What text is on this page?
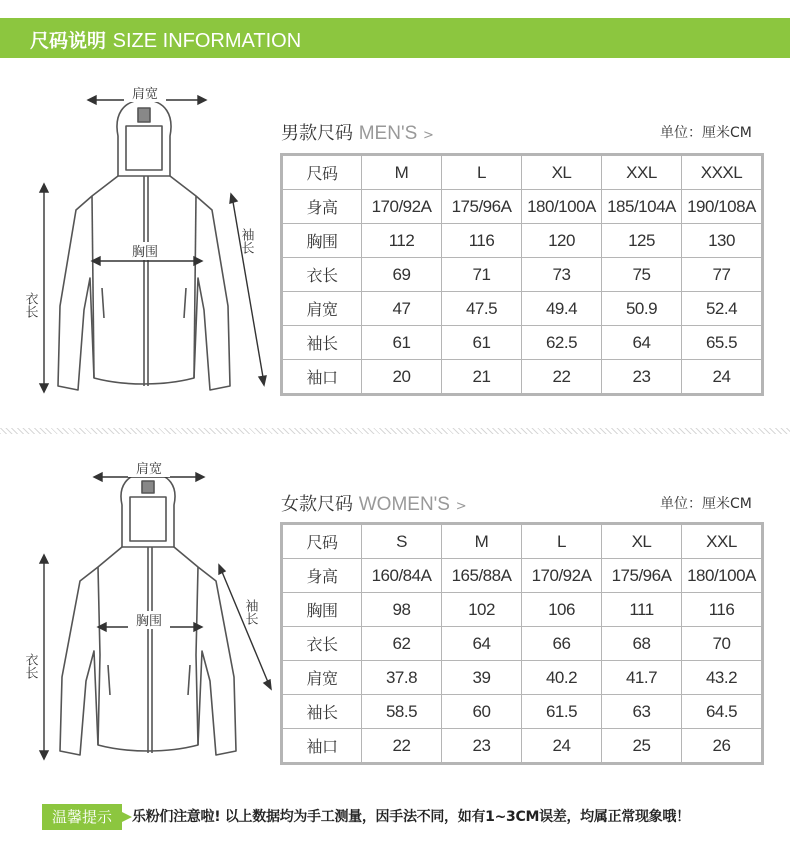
尺码说明 SIZE INFORMATION
肩宽
胸围	袖长
衣长
男款尺码 MEN'S >	单位：厘米CM
尺码	M	L	XL	XXL	XXXL
身高	170/92A	175/96A	180/100A	185/104A	190/108A
胸围	112	116	120	125	130
衣长	69	71	73	75	77
肩宽	47	47.5	49.4	50.9	52.4
袖长	61	61	62.5	64	65.5
袖口	20	21	22	23	24
肩宽
胸围	袖长
衣长
女款尺码 WOMEN'S >	单位：厘米CM
尺码	S	M	L	XL	XXL
身高	160/84A	165/88A	170/92A	175/96A	180/100A
胸围	98	102	106	111	116
衣长	62	64	66	68	70
肩宽	37.8	39	40.2	41.7	43.2
袖长	58.5	60	61.5	63	64.5
袖口	22	23	24	25	26
温馨提示	乐粉们注意啦! 以上数据均为手工测量，因手法不同，如有1~3CM误差，均属正常现象哦！
